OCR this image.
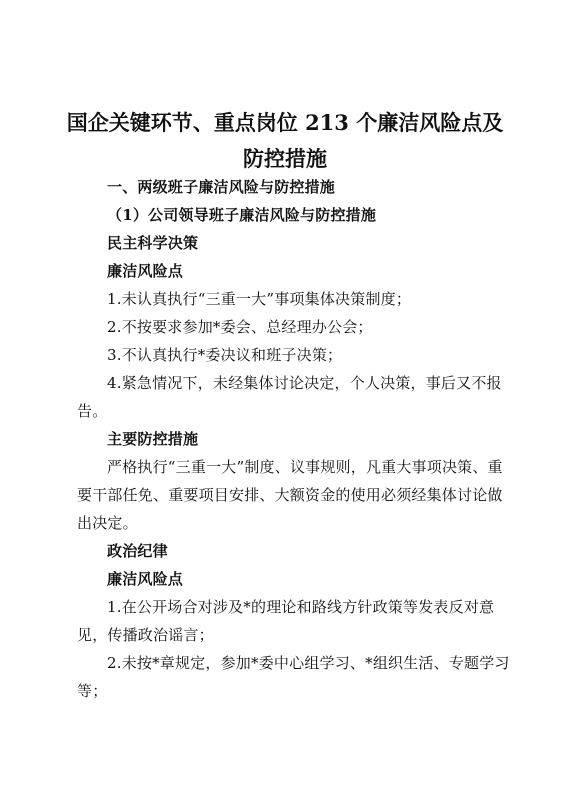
国企关键环节、重点岗位 213 个廉洁风险点及
防控措施
一、两级班子廉洁风险与防控措施
（1）公司领导班子廉洁风险与防控措施
民主科学决策
廉洁风险点
1.未认真执行“三重一大”事项集体决策制度；
2.不按要求参加*委会、总经理办公会；
3.不认真执行*委决议和班子决策；
4.紧急情况下，未经集体讨论决定，个人决策，事后又不报
告。
主要防控措施
严格执行“三重一大”制度、议事规则，凡重大事项决策、重
要干部任免、重要项目安排、大额资金的使用必须经集体讨论做
出决定。
政治纪律
廉洁风险点
1.在公开场合对涉及*的理论和路线方针政策等发表反对意
见，传播政治谣言；
2.未按*章规定，参加*委中心组学习、*组织生活、专题学习
等；
